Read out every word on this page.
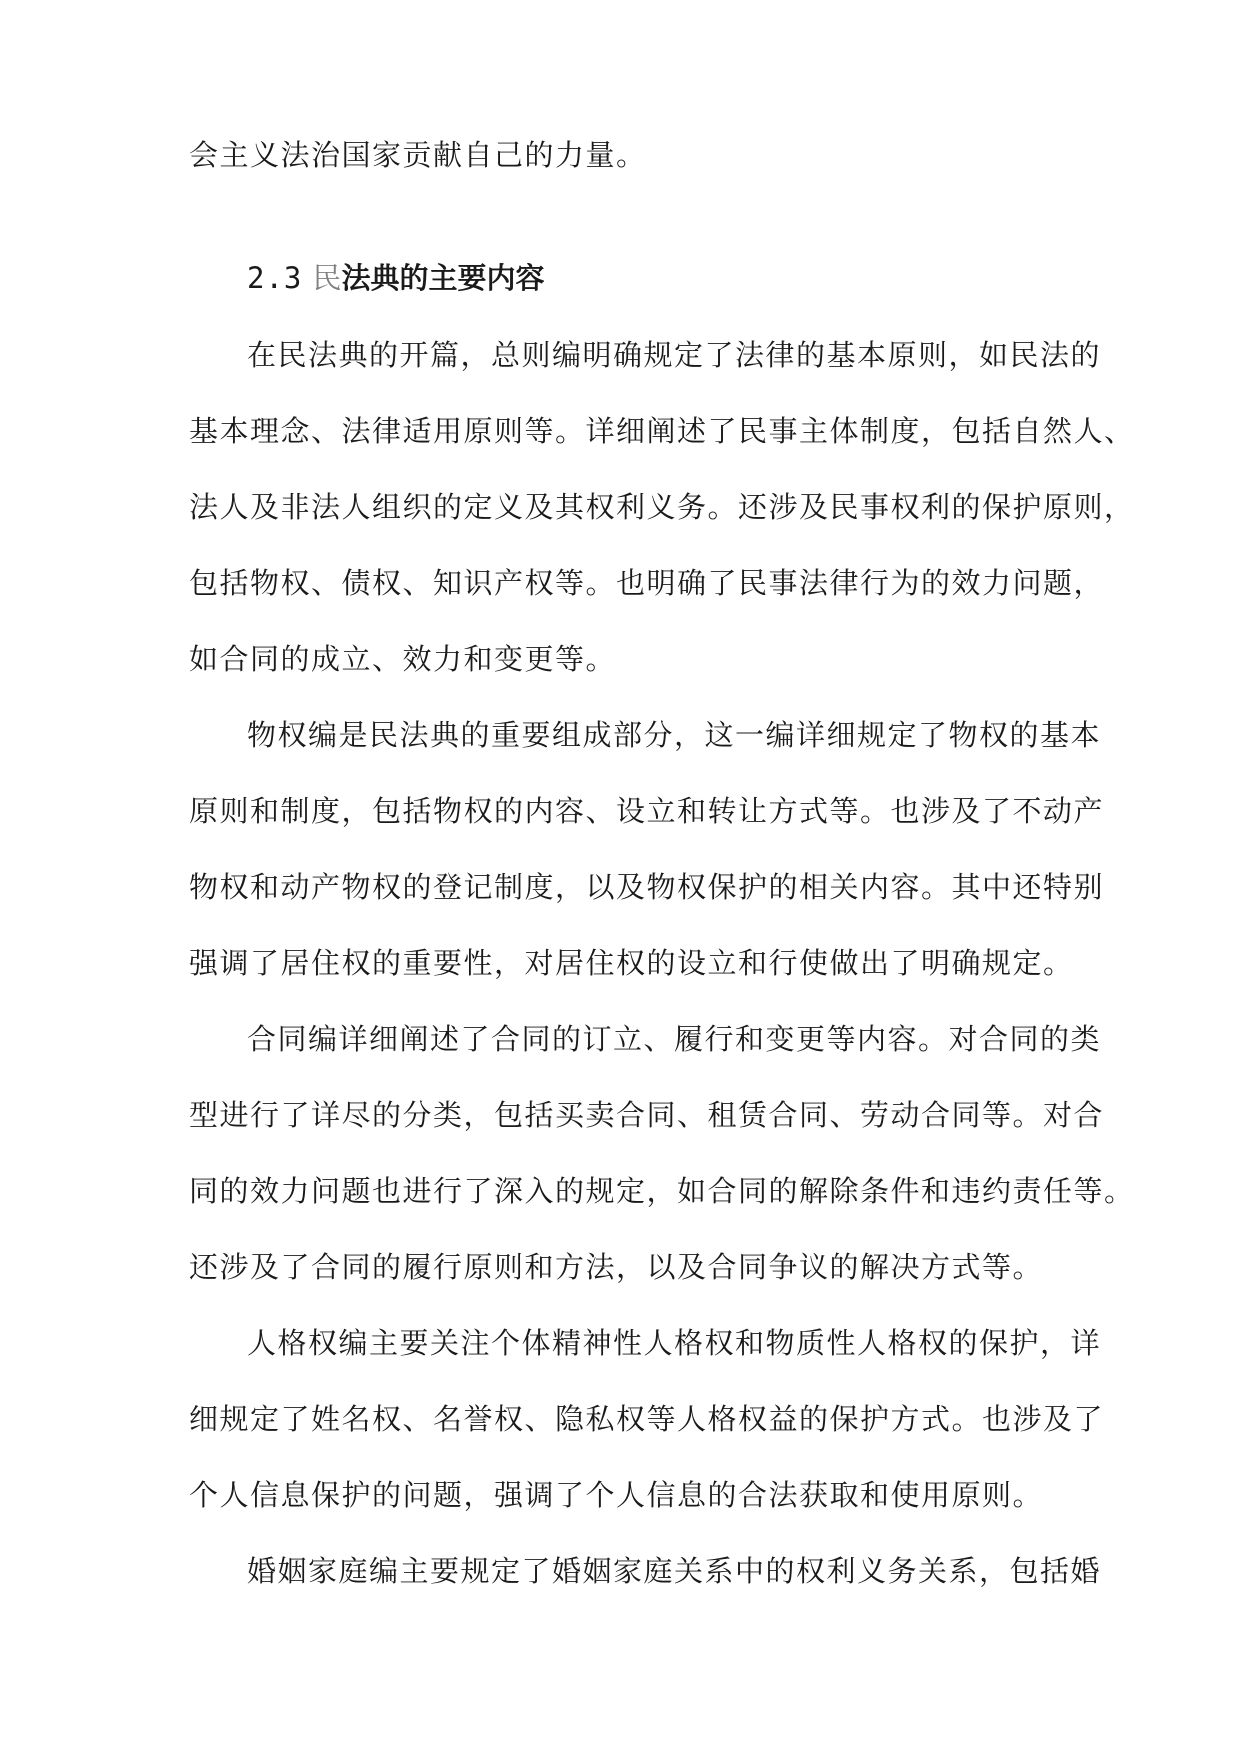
会主义法治国家贡献自己的力量。
2.3 民法典的主要内容
在民法典的开篇，总则编明确规定了法律的基本原则，如民法的
基本理念、法律适用原则等。详细阐述了民事主体制度，包括自然人、
法人及非法人组织的定义及其权利义务。还涉及民事权利的保护原则，
包括物权、债权、知识产权等。也明确了民事法律行为的效力问题，
如合同的成立、效力和变更等。
物权编是民法典的重要组成部分，这一编详细规定了物权的基本
原则和制度，包括物权的内容、设立和转让方式等。也涉及了不动产
物权和动产物权的登记制度，以及物权保护的相关内容。其中还特别
强调了居住权的重要性，对居住权的设立和行使做出了明确规定。
合同编详细阐述了合同的订立、履行和变更等内容。对合同的类
型进行了详尽的分类，包括买卖合同、租赁合同、劳动合同等。对合
同的效力问题也进行了深入的规定，如合同的解除条件和违约责任等。
还涉及了合同的履行原则和方法，以及合同争议的解决方式等。
人格权编主要关注个体精神性人格权和物质性人格权的保护，详
细规定了姓名权、名誉权、隐私权等人格权益的保护方式。也涉及了
个人信息保护的问题，强调了个人信息的合法获取和使用原则。
婚姻家庭编主要规定了婚姻家庭关系中的权利义务关系，包括婚
